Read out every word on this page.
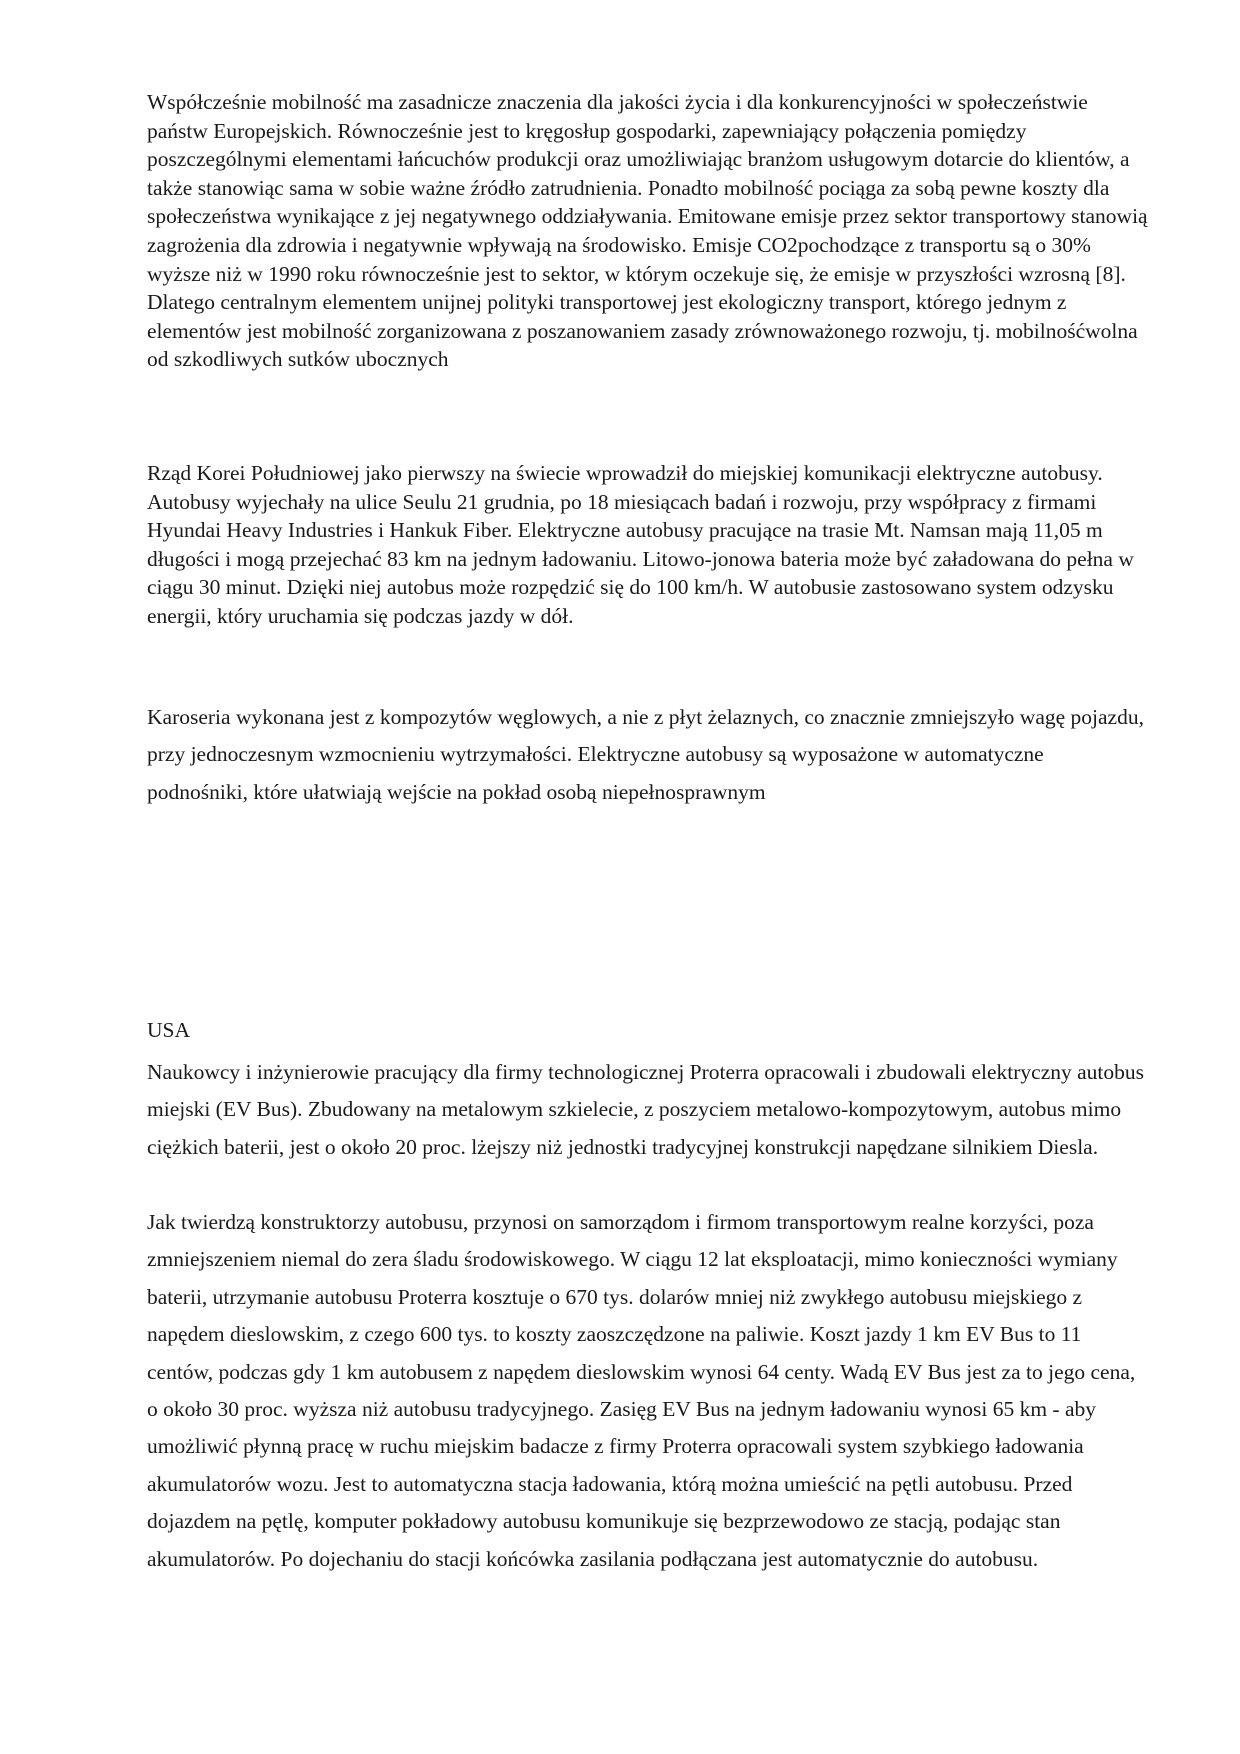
Współcześnie mobilność ma zasadnicze znaczenia dla jakości życia i dla konkurencyjności w społeczeństwie państw Europejskich. Równocześnie jest to kręgosłup gospodarki, zapewniający połączenia pomiędzy poszczególnymi elementami łańcuchów produkcji oraz umożliwiając branżom usługowym dotarcie do klientów, a także stanowiąc sama w sobie ważne źródło zatrudnienia. Ponadto mobilność pociąga za sobą pewne koszty dla społeczeństwa wynikające z jej negatywnego oddziaływania. Emitowane emisje przez sektor transportowy stanowią zagrożenia dla zdrowia i negatywnie wpływają na środowisko. Emisje CO2pochodzące z transportu są o 30% wyższe niż w 1990 roku równocześnie jest to sektor, w którym oczekuje się, że emisje w przyszłości wzrosną [8]. Dlatego centralnym elementem unijnej polityki transportowej jest ekologiczny transport, którego jednym z elementów jest mobilność zorganizowana z poszanowaniem zasady zrównoważonego rozwoju, tj. mobilnośćwolna od szkodliwych sutków ubocznych

Rząd Korei Południowej jako pierwszy na świecie wprowadził do miejskiej komunikacji elektryczne autobusy. Autobusy wyjechały na ulice Seulu 21 grudnia, po 18 miesiącach badań i rozwoju, przy współpracy z firmami Hyundai Heavy Industries i Hankuk Fiber. Elektryczne autobusy pracujące na trasie Mt. Namsan mają 11,05 m długości i mogą przejechać 83 km na jednym ładowaniu. Litowo-jonowa bateria może być załadowana do pełna w ciągu 30 minut. Dzięki niej autobus może rozpędzić się do 100 km/h. W autobusie zastosowano system odzysku energii, który uruchamia się podczas jazdy w dół.

Karoseria wykonana jest z kompozytów węglowych, a nie z płyt żelaznych, co znacznie zmniejszyło wagę pojazdu, przy jednoczesnym wzmocnieniu wytrzymałości. Elektryczne autobusy są wyposażone w automatyczne podnośniki, które ułatwiają wejście na pokład osobą niepełnosprawnym

USA

Naukowcy i inżynierowie pracujący dla firmy technologicznej Proterra opracowali i zbudowali elektryczny autobus miejski (EV Bus). Zbudowany na metalowym szkielecie, z poszyciem metalowo-kompozytowym, autobus mimo ciężkich baterii, jest o około 20 proc. lżejszy niż jednostki tradycyjnej konstrukcji napędzane silnikiem Diesla.

Jak twierdzą konstruktorzy autobusu, przynosi on samorządom i firmom transportowym realne korzyści, poza zmniejszeniem niemal do zera śladu środowiskowego. W ciągu 12 lat eksploatacji, mimo konieczności wymiany baterii, utrzymanie autobusu Proterra kosztuje o 670 tys. dolarów mniej niż zwykłego autobusu miejskiego z napędem dieslowskim, z czego 600 tys. to koszty zaoszczędzone na paliwie. Koszt jazdy 1 km EV Bus to 11 centów, podczas gdy 1 km autobusem z napędem dieslowskim wynosi 64 centy. Wadą EV Bus jest za to jego cena, o około 30 proc. wyższa niż autobusu tradycyjnego. Zasięg EV Bus na jednym ładowaniu wynosi 65 km - aby umożliwić płynną pracę w ruchu miejskim badacze z firmy Proterra opracowali system szybkiego ładowania akumulatorów wozu. Jest to automatyczna stacja ładowania, którą można umieścić na pętli autobusu. Przed dojazdem na pętlę, komputer pokładowy autobusu komunikuje się bezprzewodowo ze stacją, podając stan akumulatorów. Po dojechaniu do stacji końcówka zasilania podłączana jest automatycznie do autobusu.
